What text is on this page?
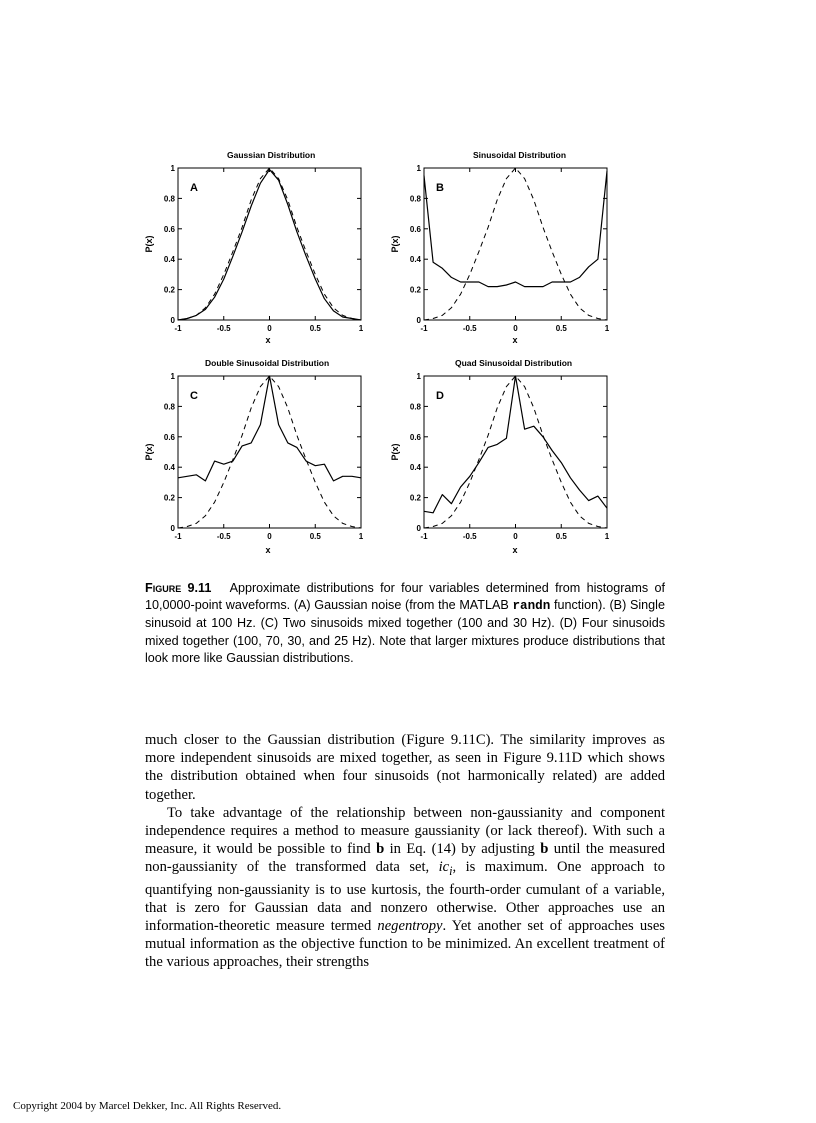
-1	-0.5	0	0.5	1
0
0.2
0.4
0.6
0.8
1
Gaussian Distribution
x
P(x)
A
-1	-0.5	0	0.5	1
0
0.2
0.4
0.6
0.8
1
Sinusoidal Distribution
x
P(x)
B
-1	-0.5	0	0.5	1
0
0.2
0.4
0.6
0.8
1
Double Sinusoidal Distribution
x
P(x)
C
-1	-0.5	0	0.5	1
0
0.2
0.4
0.6
0.8
1
Quad Sinusoidal Distribution
x
P(x)
D
Figure 9.11 Approximate distributions for four variables determined from histograms of 10,0000-point waveforms. (A) Gaussian noise (from the MATLAB randn function). (B) Single sinusoid at 100 Hz. (C) Two sinusoids mixed together (100 and 30 Hz). (D) Four sinusoids mixed together (100, 70, 30, and 25 Hz). Note that larger mixtures produce distributions that look more like Gaussian distributions.

much closer to the Gaussian distribution (Figure 9.11C). The similarity improves as more independent sinusoids are mixed together, as seen in Figure 9.11D which shows the distribution obtained when four sinusoids (not harmonically related) are added together.

To take advantage of the relationship between non-gaussianity and component independence requires a method to measure gaussianity (or lack thereof). With such a measure, it would be possible to find b in Eq. (14) by adjusting b until the measured non-gaussianity of the transformed data set, $ic_i$, is maximum. One approach to quantifying non-gaussianity is to use kurtosis, the fourth-order cumulant of a variable, that is zero for Gaussian data and nonzero otherwise. Other approaches use an information-theoretic measure termed negentropy. Yet another set of approaches uses mutual information as the objective function to be minimized. An excellent treatment of the various approaches, their strengths

Copyright 2004 by Marcel Dekker, Inc. All Rights Reserved.
